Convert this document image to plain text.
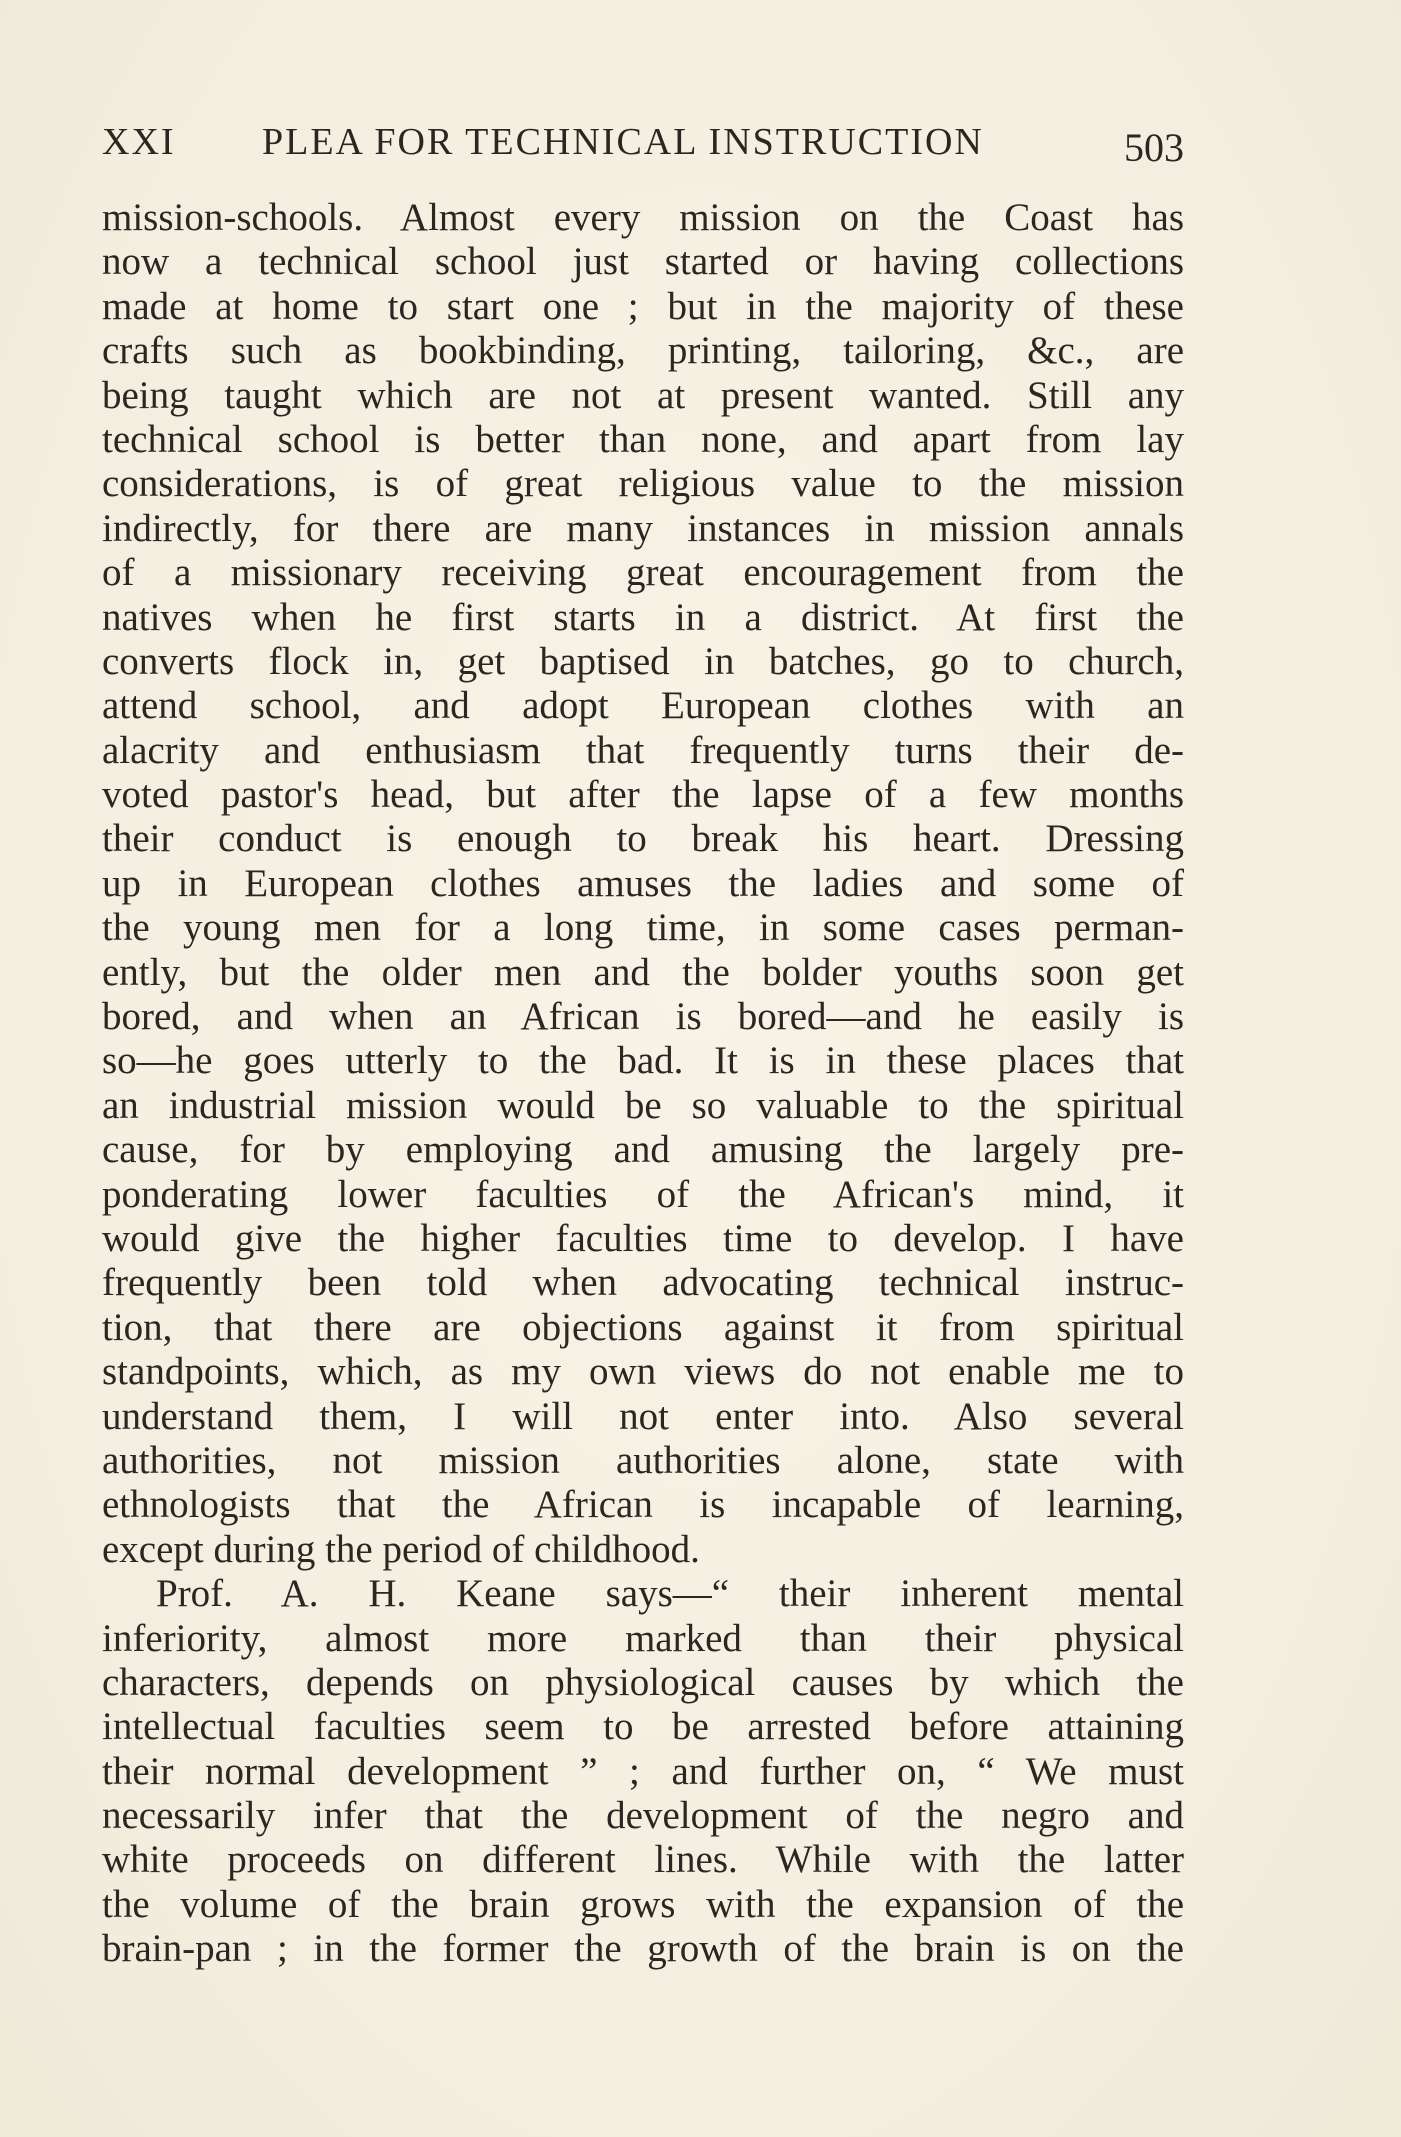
XXI PLEA FOR TECHNICAL INSTRUCTION	503
mission-schools. Almost every mission on the Coast has
now a technical school just started or having collections
made at home to start one ; but in the majority of these
crafts such as bookbinding, printing, tailoring, &c., are
being taught which are not at present wanted. Still any
technical school is better than none, and apart from lay
considerations, is of great religious value to the mission
indirectly, for there are many instances in mission annals
of a missionary receiving great encouragement from the
natives when he first starts in a district. At first the
converts flock in, get baptised in batches, go to church,
attend school, and adopt European clothes with an
alacrity and enthusiasm that frequently turns their de-
voted pastor's head, but after the lapse of a few months
their conduct is enough to break his heart. Dressing
up in European clothes amuses the ladies and some of
the young men for a long time, in some cases perman-
ently, but the older men and the bolder youths soon get
bored, and when an African is bored—and he easily is
so—he goes utterly to the bad. It is in these places that
an industrial mission would be so valuable to the spiritual
cause, for by employing and amusing the largely pre-
ponderating lower faculties of the African's mind, it
would give the higher faculties time to develop. I have
frequently been told when advocating technical instruc-
tion, that there are objections against it from spiritual
standpoints, which, as my own views do not enable me to
understand them, I will not enter into. Also several
authorities, not mission authorities alone, state with
ethnologists that the African is incapable of learning,
except during the period of childhood.
Prof. A. H. Keane says—“ their inherent mental
inferiority, almost more marked than their physical
characters, depends on physiological causes by which the
intellectual faculties seem to be arrested before attaining
their normal development ” ; and further on, “ We must
necessarily infer that the development of the negro and
white proceeds on different lines. While with the latter
the volume of the brain grows with the expansion of the
brain-pan ; in the former the growth of the brain is on the
